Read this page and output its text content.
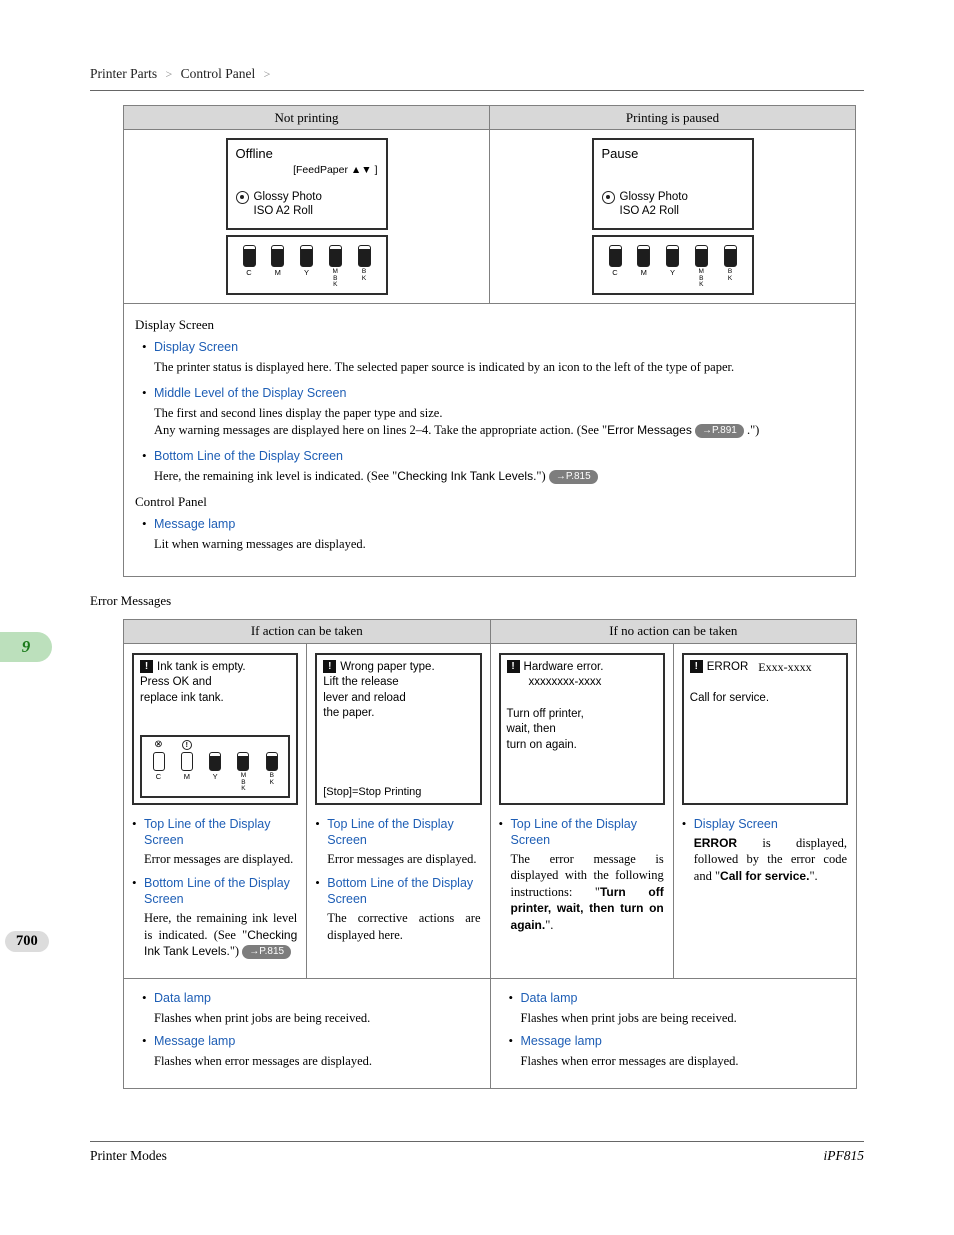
9
700
Printer Parts > Control Panel >
Not printing	Printing is paused

Offline
[FeedPaper ▲▼ ]
Glossy Photo
ISO A2 Roll
C	M	Y	MBK
BK

Pause
Glossy Photo
ISO A2 Roll
C	M	Y	MBK
BK

Display Screen
• Display Screen
The printer status is displayed here. The selected paper source is indicated by an icon to the left of the type of paper.
• Middle Level of the Display Screen
The first and second lines display the paper type and size.
Any warning messages are displayed here on lines 2–4. Take the appropriate action. (See "Error Messages →P.891 .")
• Bottom Line of the Display Screen
Here, the remaining ink level is indicated. (See "Checking Ink Tank Levels.") →P.815
Control Panel
• Message lamp
Lit when warning messages are displayed.
Error Messages
If action can be taken		If no action can be taken	

! Ink tank is empty.
Press OK and
replace ink tank.
⊗
C
!
M	Y	MBK
BK
• Top Line of the Display Screen
Error messages are displayed.
• Bottom Line of the Display Screen
Here, the remaining ink level is indicated. (See "Checking Ink Tank Levels.") →P.815

! Wrong paper type.
Lift the release
lever and reload
the paper.
[Stop]=Stop Printing
• Top Line of the Display Screen
Error messages are displayed.
• Bottom Line of the Display Screen
The corrective actions are displayed here.

! Hardware error.
xxxxxxxx-xxxx
Turn off printer,
wait, then
turn on again.
• Top Line of the Display Screen
The error message is displayed with the following instructions: "Turn off printer, wait, then turn on again.".

! ERROR Exxx-xxxx
Call for service.
• Display Screen
ERROR is displayed, followed by the error code and "Call for service.".

• Data lamp
Flashes when print jobs are being received.
• Message lamp
Flashes when error messages are displayed.

• Data lamp
Flashes when print jobs are being received.
• Message lamp
Flashes when error messages are displayed.
Printer Modes	iPF815
